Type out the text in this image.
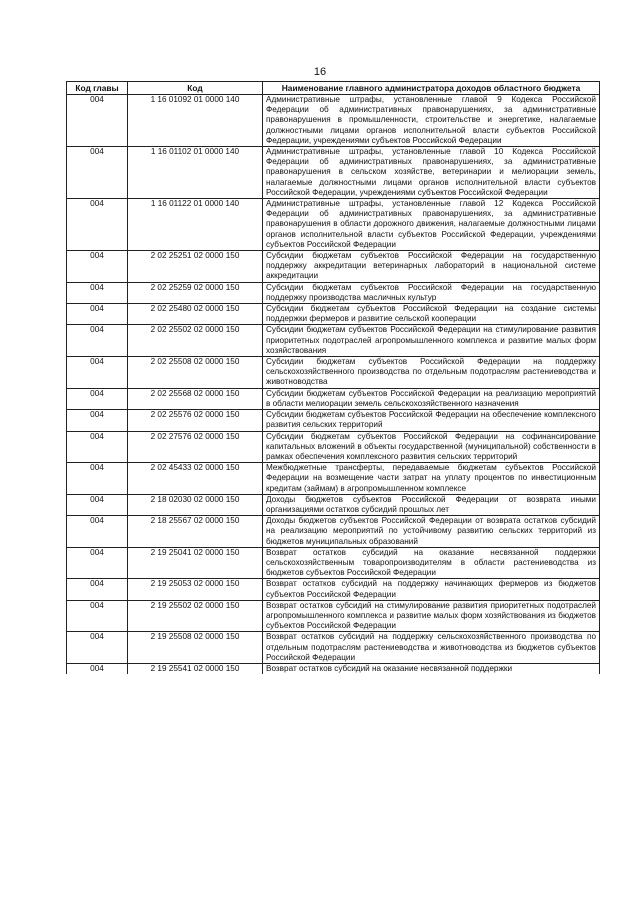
16
Код главы	Код	Наименование главного администратора доходов областного бюджета
004	1 16 01092 01 0000 140	Административные штрафы, установленные главой 9 Кодекса Российской Федерации об административных правонарушениях, за административные правонарушения в промышленности, строительстве и энергетике, налагаемые должностными лицами органов исполнительной власти субъектов Российской Федерации, учреждениями субъектов Российской Федерации
004	1 16 01102 01 0000 140	Административные штрафы, установленные главой 10 Кодекса Российской Федерации об административных правонарушениях, за административные правонарушения в сельском хозяйстве, ветеринарии и мелиорации земель, налагаемые должностными лицами органов исполнительной власти субъектов Российской Федерации, учреждениями субъектов Российской Федерации
004	1 16 01122 01 0000 140	Административные штрафы, установленные главой 12 Кодекса Российской Федерации об административных правонарушениях, за административные правонарушения в области дорожного движения, налагаемые должностными лицами органов исполнительной власти субъектов Российской Федерации, учреждениями субъектов Российской Федерации
004	2 02 25251 02 0000 150	Субсидии бюджетам субъектов Российской Федерации на государственную поддержку аккредитации ветеринарных лабораторий в национальной системе аккредитации
004	2 02 25259 02 0000 150	Субсидии бюджетам субъектов Российской Федерации на государственную поддержку производства масличных культур
004	2 02 25480 02 0000 150	Субсидии бюджетам субъектов Российской Федерации на создание системы поддержки фермеров и развитие сельской кооперации
004	2 02 25502 02 0000 150	Субсидии бюджетам субъектов Российской Федерации на стимулирование развития приоритетных подотраслей агропромышленного комплекса и развитие малых форм хозяйствования
004	2 02 25508 02 0000 150	Субсидии бюджетам субъектов Российской Федерации на поддержку сельскохозяйственного производства по отдельным подотраслям растениеводства и животноводства
004	2 02 25568 02 0000 150	Субсидии бюджетам субъектов Российской Федерации на реализацию мероприятий в области мелиорации земель сельскохозяйственного назначения
004	2 02 25576 02 0000 150	Субсидии бюджетам субъектов Российской Федерации на обеспечение комплексного развития сельских территорий
004	2 02 27576 02 0000 150	Субсидии бюджетам субъектов Российской Федерации на софинансирование капитальных вложений в объекты государственной (муниципальной) собственности в рамках обеспечения комплексного развития сельских территорий
004	2 02 45433 02 0000 150	Межбюджетные трансферты, передаваемые бюджетам субъектов Российской Федерации на возмещение части затрат на уплату процентов по инвестиционным кредитам (займам) в агропромышленном комплексе
004	2 18 02030 02 0000 150	Доходы бюджетов субъектов Российской Федерации от возврата иными организациями остатков субсидий прошлых лет
004	2 18 25567 02 0000 150	Доходы бюджетов субъектов Российской Федерации от возврата остатков субсидий на реализацию мероприятий по устойчивому развитию сельских территорий из бюджетов муниципальных образований
004	2 19 25041 02 0000 150	Возврат остатков субсидий на оказание несвязанной поддержки сельскохозяйственным товаропроизводителям в области растениеводства из бюджетов субъектов Российской Федерации
004	2 19 25053 02 0000 150	Возврат остатков субсидий на поддержку начинающих фермеров из бюджетов субъектов Российской Федерации
004	2 19 25502 02 0000 150	Возврат остатков субсидий на стимулирование развития приоритетных подотраслей агропромышленного комплекса и развитие малых форм хозяйствования из бюджетов субъектов Российской Федерации
004	2 19 25508 02 0000 150	Возврат остатков субсидий на поддержку сельскохозяйственного производства по отдельным подотраслям растениеводства и животноводства из бюджетов субъектов Российской Федерации
004	2 19 25541 02 0000 150	Возврат остатков субсидий на оказание несвязанной поддержки
